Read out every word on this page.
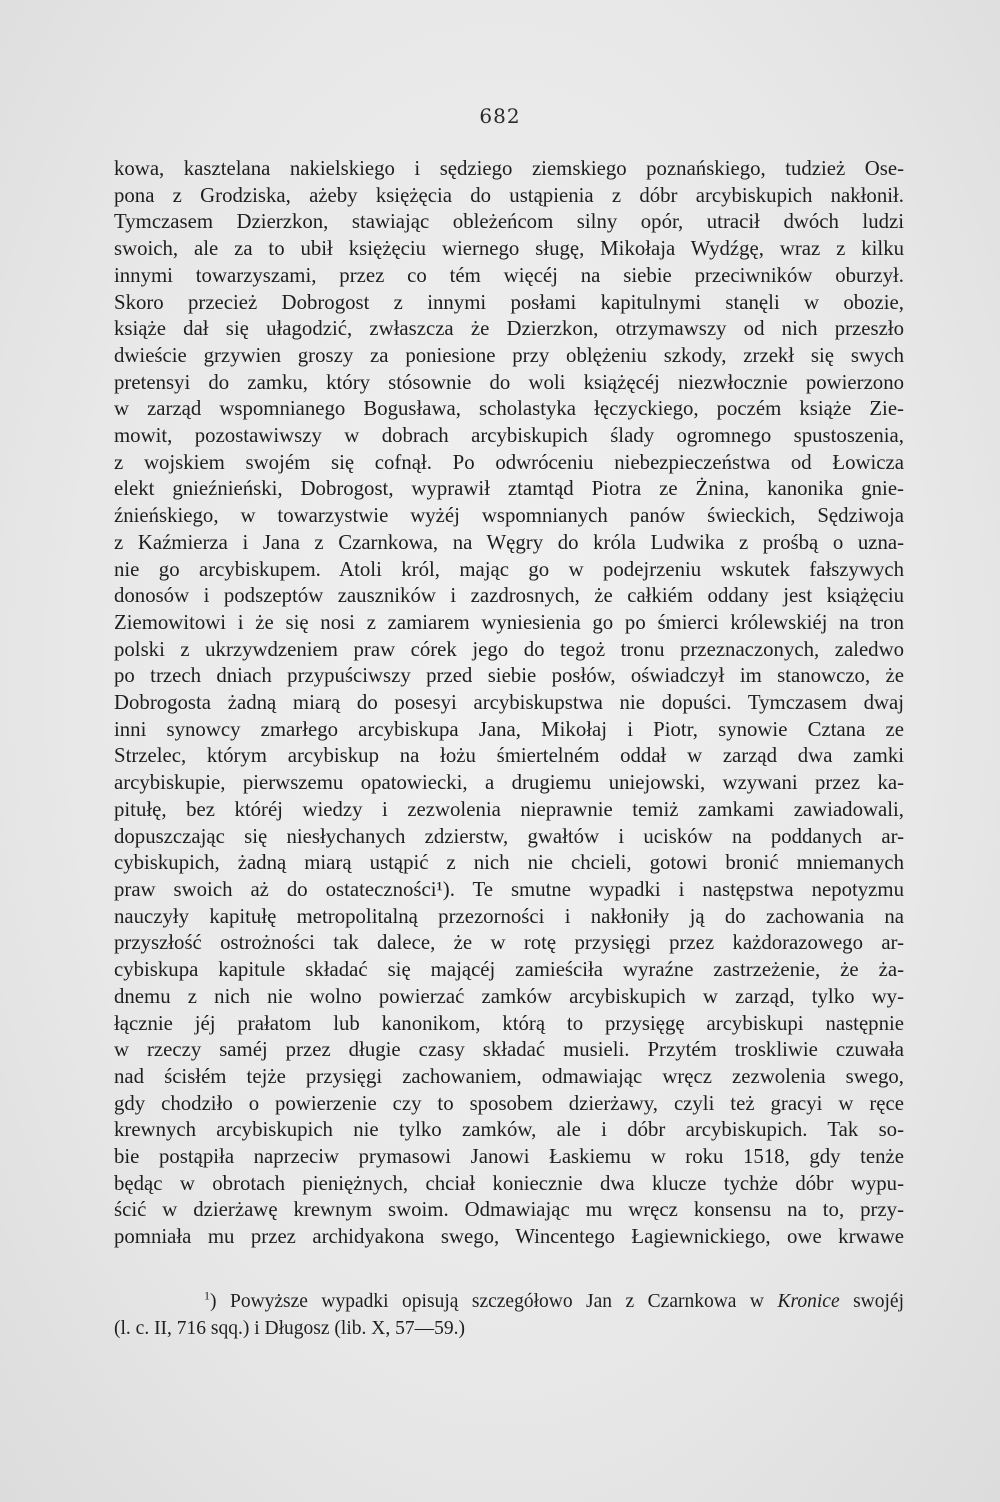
682
kowa, kasztelana nakielskiego i sędziego ziemskiego poznańskiego, tudzież Ose-
pona z Grodziska, ażeby księżęcia do ustąpienia z dóbr arcybiskupich nakłonił.
Tymczasem Dzierzkon, stawiając obleżeńcom silny opór, utracił dwóch ludzi
swoich, ale za to ubił księżęciu wiernego sługę, Mikołaja Wydźgę, wraz z kilku
innymi towarzyszami, przez co tém więcéj na siebie przeciwników oburzył.
Skoro przecież Dobrogost z innymi posłami kapitulnymi stanęli w obozie,
książe dał się ułagodzić, zwłaszcza że Dzierzkon, otrzymawszy od nich przeszło
dwieście grzywien groszy za poniesione przy oblężeniu szkody, zrzekł się swych
pretensyi do zamku, który stósownie do woli książęcéj niezwłocznie powierzono
w zarząd wspomnianego Bogusława, scholastyka łęczyckiego, poczém książe Zie-
mowit, pozostawiwszy w dobrach arcybiskupich ślady ogromnego spustoszenia,
z wojskiem swojém się cofnął. Po odwróceniu niebezpieczeństwa od Łowicza
elekt gnieźnieński, Dobrogost, wyprawił ztamtąd Piotra ze Żnina, kanonika gnie-
źnieńskiego, w towarzystwie wyżéj wspomnianych panów świeckich, Sędziwoja
z Kaźmierza i Jana z Czarnkowa, na Węgry do króla Ludwika z prośbą o uzna-
nie go arcybiskupem. Atoli król, mając go w podejrzeniu wskutek fałszywych
donosów i podszeptów zauszników i zazdrosnych, że całkiém oddany jest książęciu
Ziemowitowi i że się nosi z zamiarem wyniesienia go po śmierci królewskiéj na tron
polski z ukrzywdzeniem praw córek jego do tegoż tronu przeznaczonych, zaledwo
po trzech dniach przypuściwszy przed siebie posłów, oświadczył im stanowczo, że
Dobrogosta żadną miarą do posesyi arcybiskupstwa nie dopuści. Tymczasem dwaj
inni synowcy zmarłego arcybiskupa Jana, Mikołaj i Piotr, synowie Cztana ze
Strzelec, którym arcybiskup na łożu śmiertelném oddał w zarząd dwa zamki
arcybiskupie, pierwszemu opatowiecki, a drugiemu uniejowski, wzywani przez ka-
pitułę, bez któréj wiedzy i zezwolenia nieprawnie temiż zamkami zawiadowali,
dopuszczając się niesłychanych zdzierstw, gwałtów i ucisków na poddanych ar-
cybiskupich, żadną miarą ustąpić z nich nie chcieli, gotowi bronić mniemanych
praw swoich aż do ostateczności¹). Te smutne wypadki i następstwa nepotyzmu
nauczyły kapitułę metropolitalną przezorności i nakłoniły ją do zachowania na
przyszłość ostrożności tak dalece, że w rotę przysięgi przez każdorazowego ar-
cybiskupa kapitule składać się mającéj zamieściła wyraźne zastrzeżenie, że ża-
dnemu z nich nie wolno powierzać zamków arcybiskupich w zarząd, tylko wy-
łącznie jéj prałatom lub kanonikom, którą to przysięgę arcybiskupi następnie
w rzeczy saméj przez długie czasy składać musieli. Przytém troskliwie czuwała
nad ścisłém tejże przysięgi zachowaniem, odmawiając wręcz zezwolenia swego,
gdy chodziło o powierzenie czy to sposobem dzierżawy, czyli też gracyi w ręce
krewnych arcybiskupich nie tylko zamków, ale i dóbr arcybiskupich. Tak so-
bie postąpiła naprzeciw prymasowi Janowi Łaskiemu w roku 1518, gdy tenże
będąc w obrotach pieniężnych, chciał koniecznie dwa klucze tychże dóbr wypu-
ścić w dzierżawę krewnym swoim. Odmawiając mu wręcz konsensu na to, przy-
pomniała mu przez archidyakona swego, Wincentego Łagiewnickiego, owe krwawe
$^1$) Powyższe wypadki opisują szczegółowo Jan z Czarnkowa w Kronice swojéj
(l. c. II, 716 sqq.) i Długosz (lib. X, 57—59.)
